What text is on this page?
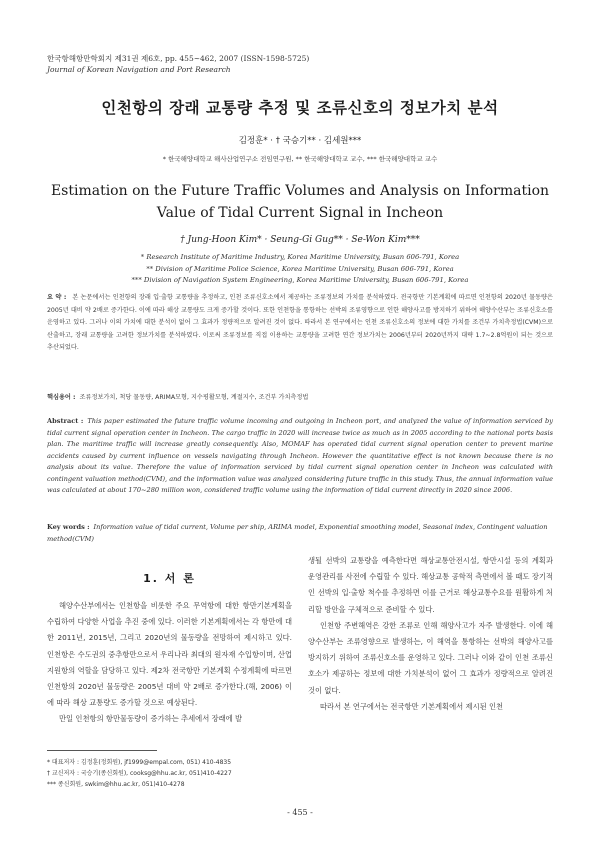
한국항해항만학회지 제31권 제6호, pp. 455~462, 2007 (ISSN-1598-5725)
Journal of Korean Navigation and Port Research
인천항의 장래 교통량 추정 및 조류신호의 정보가치 분석
김정훈* · † 국승기** · 김세원***
* 한국해양대학교 해사산업연구소 전임연구원, ** 한국해양대학교 교수, *** 한국해양대학교 교수
Estimation on the Future Traffic Volumes and Analysis on Information Value of Tidal Current Signal in Incheon
† Jung-Hoon Kim* · Seung-Gi Gug** · Se-Won Kim***
* Research Institute of Maritime Industry, Korea Maritime University, Busan 606-791, Korea
** Division of Maritime Police Science, Korea Maritime University, Busan 606-791, Korea
*** Division of Navigation System Engineering, Korea Maritime University, Busan 606-791, Korea
요 약 : 본 논문에서는 인천항의 장래 입·출항 교통량을 추정하고, 인천 조류신호소에서 제공하는 조류정보의 가치를 분석하였다. 전국항만 기본계획에 따르면 인천항의 2020년 물동량은 2005년 대비 약 2배로 증가한다. 이에 따라 해상 교통량도 크게 증가할 것이다. 또한 인천항을 통항하는 선박의 조류영향으로 인한 해양사고를 방지하기 위하여 해양수산부는 조류신호소를 운영하고 있다. 그러나 이의 가치에 대한 분석이 없어 그 효과가 정량적으로 알려진 것이 없다. 따라서 본 연구에서는 인천 조류신호소의 정보에 대한 가치를 조건부 가치측정법(CVM)으로 산출하고, 장래 교통량을 고려한 정보가치를 분석하였다. 이로써 조류정보를 직접 이용하는 교통량을 고려한 연간 정보가치는 2006년부터 2020년까지 대략 1.7~2.8억원이 되는 것으로 추산되었다.
핵심용어 : 조류정보가치, 척당 물동량, ARIMA모형, 지수평활모형, 계절지수, 조건부 가치측정법
Abstract : This paper estimated the future traffic volume incoming and outgoing in Incheon port, and analyzed the value of information serviced by tidal current signal operation center in Incheon. The cargo traffic in 2020 will increase twice as much as in 2005 according to the national ports basis plan. The maritime traffic will increase greatly consequently. Also, MOMAF has operated tidal current signal operation center to prevent marine accidents caused by current influence on vessels navigating through Incheon. However the quantitative effect is not known because there is no analysis about its value. Therefore the value of information serviced by tidal current signal operation center in Incheon was calculated with contingent valuation method(CVM), and the information value was analyzed considering future traffic in this study. Thus, the annual information value was calculated at about 170~280 million won, considered traffic volume using the information of tidal current directly in 2020 since 2006.
Key words : Information value of tidal current, Volume per ship, ARIMA model, Exponential smoothing model, Seasonal index, Contingent valuation method(CVM)
1. 서 론

해양수산부에서는 인천항을 비롯한 주요 무역항에 대한 항만기본계획을 수립하여 다양한 사업을 추진 중에 있다. 이러한 기본계획에서는 각 항만에 대한 2011년, 2015년, 그리고 2020년의 물동량을 전망하여 제시하고 있다. 인천항은 수도권의 중추항만으로서 우리나라 최대의 원자재 수입항이며, 산업 지원항의 역할을 담당하고 있다. 제2차 전국항만 기본계획 수정계획에 따르면 인천항의 2020년 물동량은 2005년 대비 약 2배로 증가한다.(해, 2006) 이에 따라 해상 교통량도 증가할 것으로 예상된다.

만일 인천항의 항만물동량이 증가하는 추세에서 장래에 발

생될 선박의 교통량을 예측한다면 해상교통안전시설, 항만시설 등의 계획과 운영관리를 사전에 수립할 수 있다. 해상교통 공학적 측면에서 볼 때도 장기적인 선박의 입·출항 척수를 추정하면 이를 근거로 해상교통수요를 원활하게 처리할 방안을 구체적으로 준비할 수 있다.

인천항 주변해역은 강한 조류로 인해 해양사고가 자주 발생한다. 이에 해양수산부는 조류영향으로 발생하는, 이 해역을 통항하는 선박의 해양사고를 방지하기 위하여 조류신호소를 운영하고 있다. 그러나 이와 같이 인천 조류신호소가 제공하는 정보에 대한 가치분석이 없어 그 효과가 정량적으로 알려진 것이 없다.

따라서 본 연구에서는 전국항만 기본계획에서 제시된 인천

* 대표저자 : 김정훈(정회원), jf1999@empal.com, 051) 410-4835
† 교신저자 : 국승기(종신회원), cooksg@hhu.ac.kr, 051)410-4227
*** 종신회원, swkim@hhu.ac.kr, 051)410-4278
- 455 -
